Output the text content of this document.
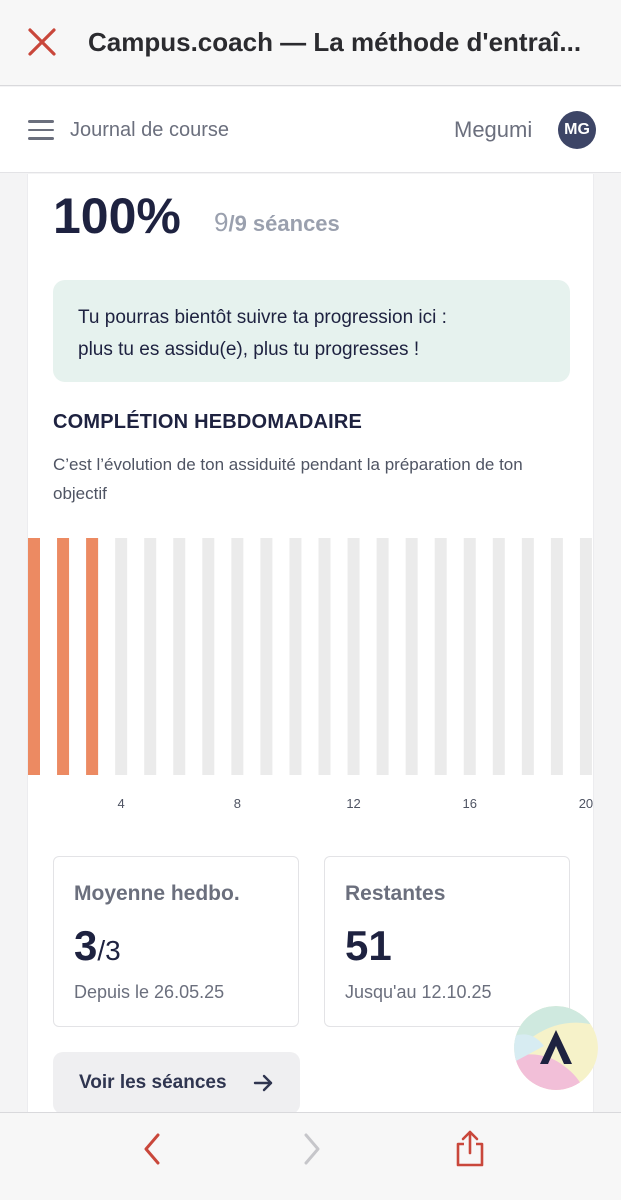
Campus.coach — La méthode d'entraî...
Journal de course	Megumi	MG
100% 9/9 séances
Tu pourras bientôt suivre ta progression ici :
plus tu es assidu(e), plus tu progresses !
COMPLÉTION HEBDOMADAIRE
C’est l’évolution de ton assiduité pendant la préparation de ton objectif
4	8	12	16	20
Moyenne hedbo.
3/3
Depuis le 26.05.25
Restantes
51
Jusqu'au 12.10.25
Voir les séances
